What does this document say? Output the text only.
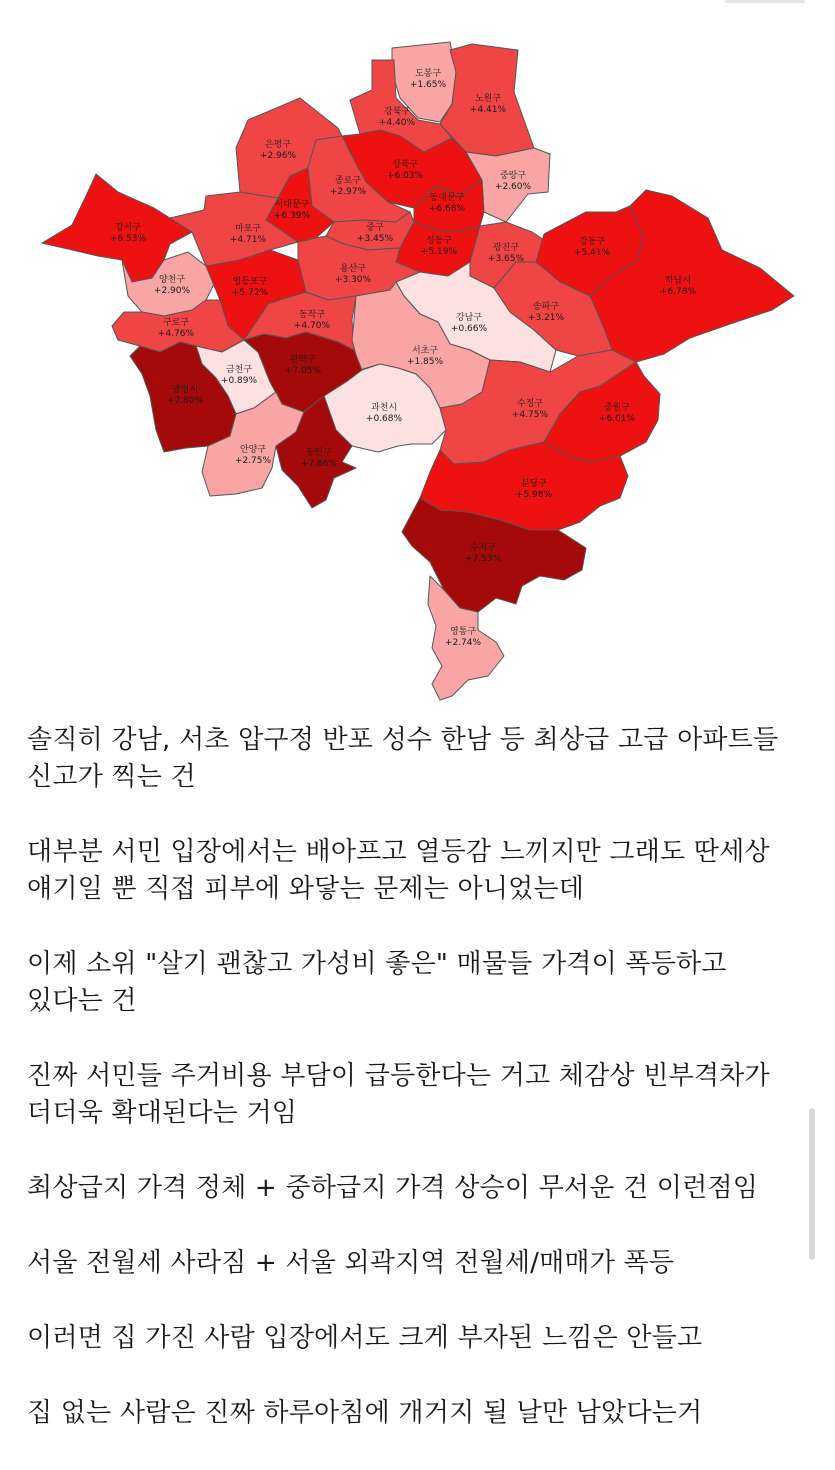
도봉구
+1.65%
노원구
+4.41%
강북구
+4.40%
은평구
+2.96%
성북구
+6.03%	중랑구
+2.60%
종로구
+2.97%
동대문구
+6.68%
서대문구
+6.39%
강서구
+6.53%
마포구
+4.71%
중구
+3.45%	성동구
+5.19%	광진구
+3.65%
강동구
+5.41%
하남시
+6.78%
양천구
+2.90%
영등포구
+5.72%
용산구
+3.30%
강남구
+0.66%
송파구
+3.21%
구로구
+4.76%
동작구
+4.70%
서초구
+1.85%
금천구
+0.89%
관악구
+7.05%
광명시
+7.80%
과천시
+0.68%
수정구
+4.75%
중원구
+6.01%
안양구
+2.75%
동안구
+7.86%
분당구
+5.98%
수지구
+7.53%
영통구
+2.74%

솔직히 강남, 서초 압구정 반포 성수 한남 등 최상급 고급 아파트들 신고가 찍는 건

대부분 서민 입장에서는 배아프고 열등감 느끼지만 그래도 딴세상 얘기일 뿐 직접 피부에 와닿는 문제는 아니었는데

이제 소위 "살기 괜찮고 가성비 좋은" 매물들 가격이 폭등하고 있다는 건

진짜 서민들 주거비용 부담이 급등한다는 거고 체감상 빈부격차가 더더욱 확대된다는 거임

최상급지 가격 정체 + 중하급지 가격 상승이 무서운 건 이런점임

서울 전월세 사라짐 + 서울 외곽지역 전월세/매매가 폭등

이러면 집 가진 사람 입장에서도 크게 부자된 느낌은 안들고

집 없는 사람은 진짜 하루아침에 개거지 될 날만 남았다는거
